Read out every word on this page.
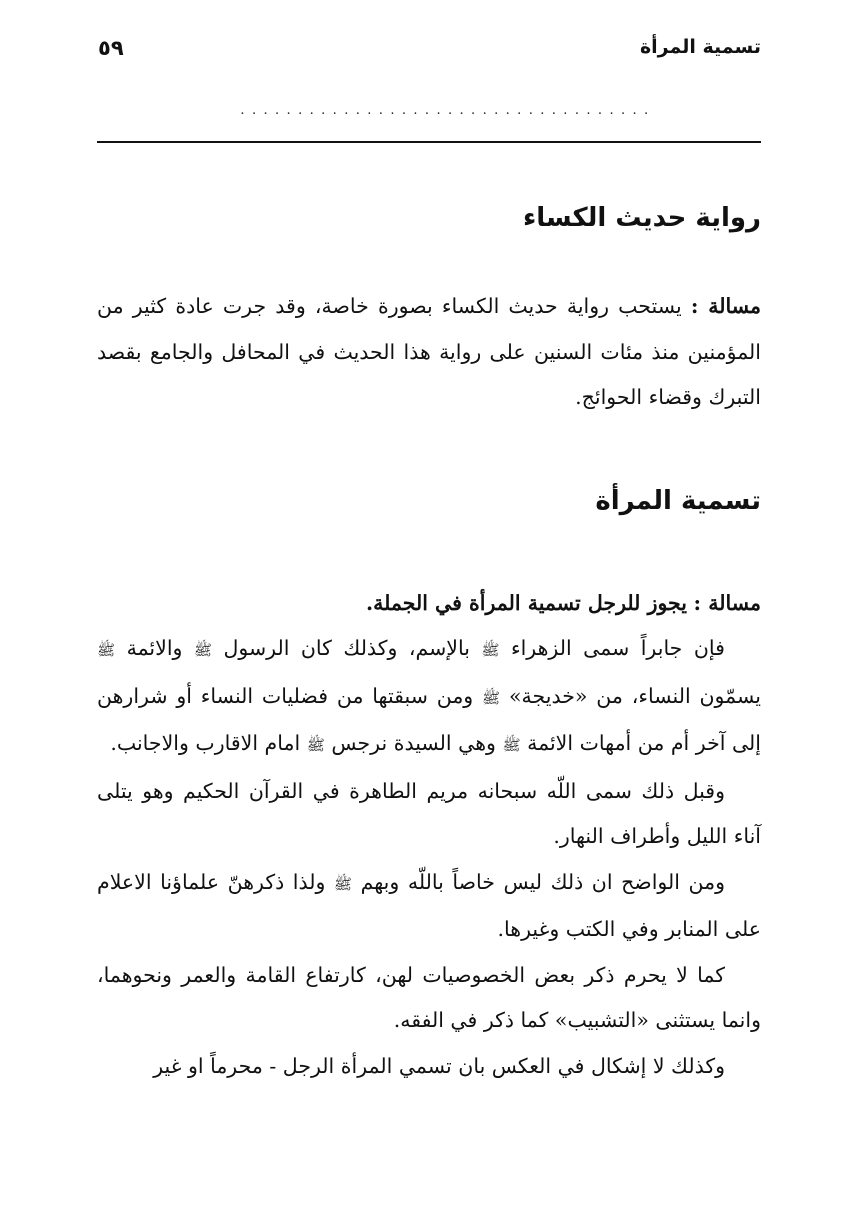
تسمية المرأة
٥٩
....................................
رواية حديث الكساء

مسالة : يستحب رواية حديث الكساء بصورة خاصة، وقد جرت عادة كثير من المؤمنين منذ مئات السنين على رواية هذا الحديث في المحافل والجامع بقصد التبرك وقضاء الحوائج.

تسمية المرأة

مسالة : يجوز للرجل تسمية المرأة في الجملة.

فإن جابراً سمى الزهراء ﷺ بالإسم، وكذلك كان الرسول ﷺ والائمة ﷺ يسمّون النساء، من «خديجة» ﷺ ومن سبقتها من فضليات النساء أو شرارهن إلى آخر أم من أمهات الائمة ﷺ وهي السيدة نرجس ﷺ امام الاقارب والاجانب.

وقبل ذلك سمى اللّه سبحانه مريم الطاهرة في القرآن الحكيم وهو يتلى آناء الليل وأطراف النهار.

ومن الواضح ان ذلك ليس خاصاً باللّه وبهم ﷺ ولذا ذكرهنّ علماؤنا الاعلام على المنابر وفي الكتب وغيرها.

كما لا يحرم ذكر بعض الخصوصيات لهن، كارتفاع القامة والعمر ونحوهما، وانما يستثنى «التشبيب» كما ذكر في الفقه.

وكذلك لا إشكال في العكس بان تسمي المرأة الرجل - محرماً او غير
